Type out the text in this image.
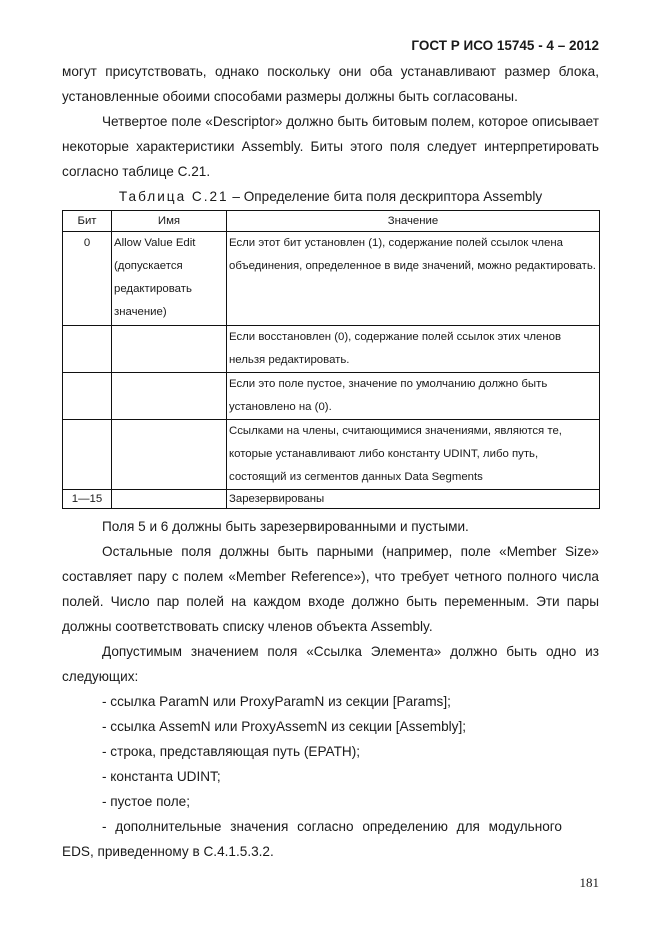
ГОСТ Р ИСО 15745 - 4 – 2012

могут присутствовать, однако поскольку они оба устанавливают размер блока, установленные обоими способами размеры должны быть согласованы.

Четвертое поле «Descriptor» должно быть битовым полем, которое описывает некоторые характеристики Assembly. Биты этого поля следует интерпретировать согласно таблице С.21.

Таблица С.21 – Определение бита поля дескриптора Assembly

Бит	Имя	Значение
0	Allow Value Edit (допускается редактировать значение)	Если этот бит установлен (1), содержание полей ссылок члена объединения, определенное в виде значений, можно редактировать.
		Если восстановлен (0), содержание полей ссылок этих членов нельзя редактировать.
		Если это поле пустое, значение по умолчанию должно быть установлено на (0).
		Ссылками на члены, считающимися значениями, являются те, которые устанавливают либо константу UDINT, либо путь, состоящий из сегментов данных Data Segments
1—15		Зарезервированы

Поля 5 и 6 должны быть зарезервированными и пустыми.

Остальные поля должны быть парными (например, поле «Member Size» составляет пару с полем «Member Reference»), что требует четного полного числа полей. Число пар полей на каждом входе должно быть переменным. Эти пары должны соответствовать списку членов объекта Assembly.

Допустимым значением поля «Ссылка Элемента» должно быть одно из следующих:

- ссылка ParamN или ProxyParamN из секции [Params];

- ссылка AssemN или ProxyAssemN из секции [Assembly];

- строка, представляющая путь (EPATH);

- константа UDINT;

- пустое поле;

- дополнительные значения согласно определению для модульного EDS, приведенному в С.4.1.5.3.2.

181
